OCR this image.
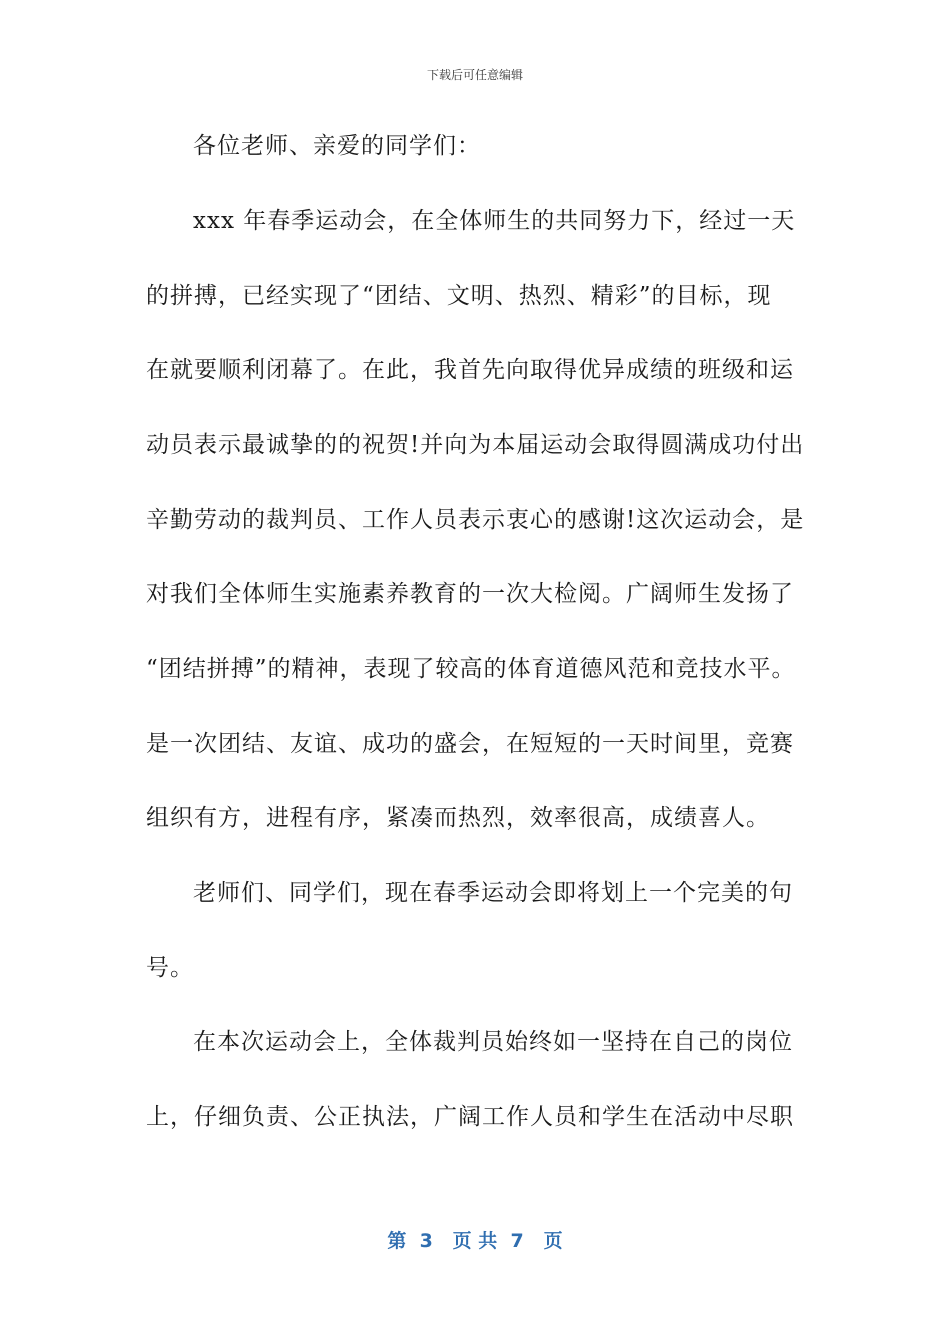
下载后可任意编辑
各位老师、亲爱的同学们：
xxx 年春季运动会，在全体师生的共同努力下，经过一天
的拼搏，已经实现了“团结、文明、热烈、精彩”的目标，现
在就要顺利闭幕了。在此，我首先向取得优异成绩的班级和运
动员表示最诚挚的的祝贺!并向为本届运动会取得圆满成功付出
辛勤劳动的裁判员、工作人员表示衷心的感谢!这次运动会，是
对我们全体师生实施素养教育的一次大检阅。广阔师生发扬了
“团结拼搏”的精神，表现了较高的体育道德风范和竞技水平。
是一次团结、友谊、成功的盛会，在短短的一天时间里，竞赛
组织有方，进程有序，紧凑而热烈，效率很高，成绩喜人。
老师们、同学们，现在春季运动会即将划上一个完美的句
号。
在本次运动会上，全体裁判员始终如一坚持在自己的岗位
上，仔细负责、公正执法，广阔工作人员和学生在活动中尽职
第  3   页 共  7   页
